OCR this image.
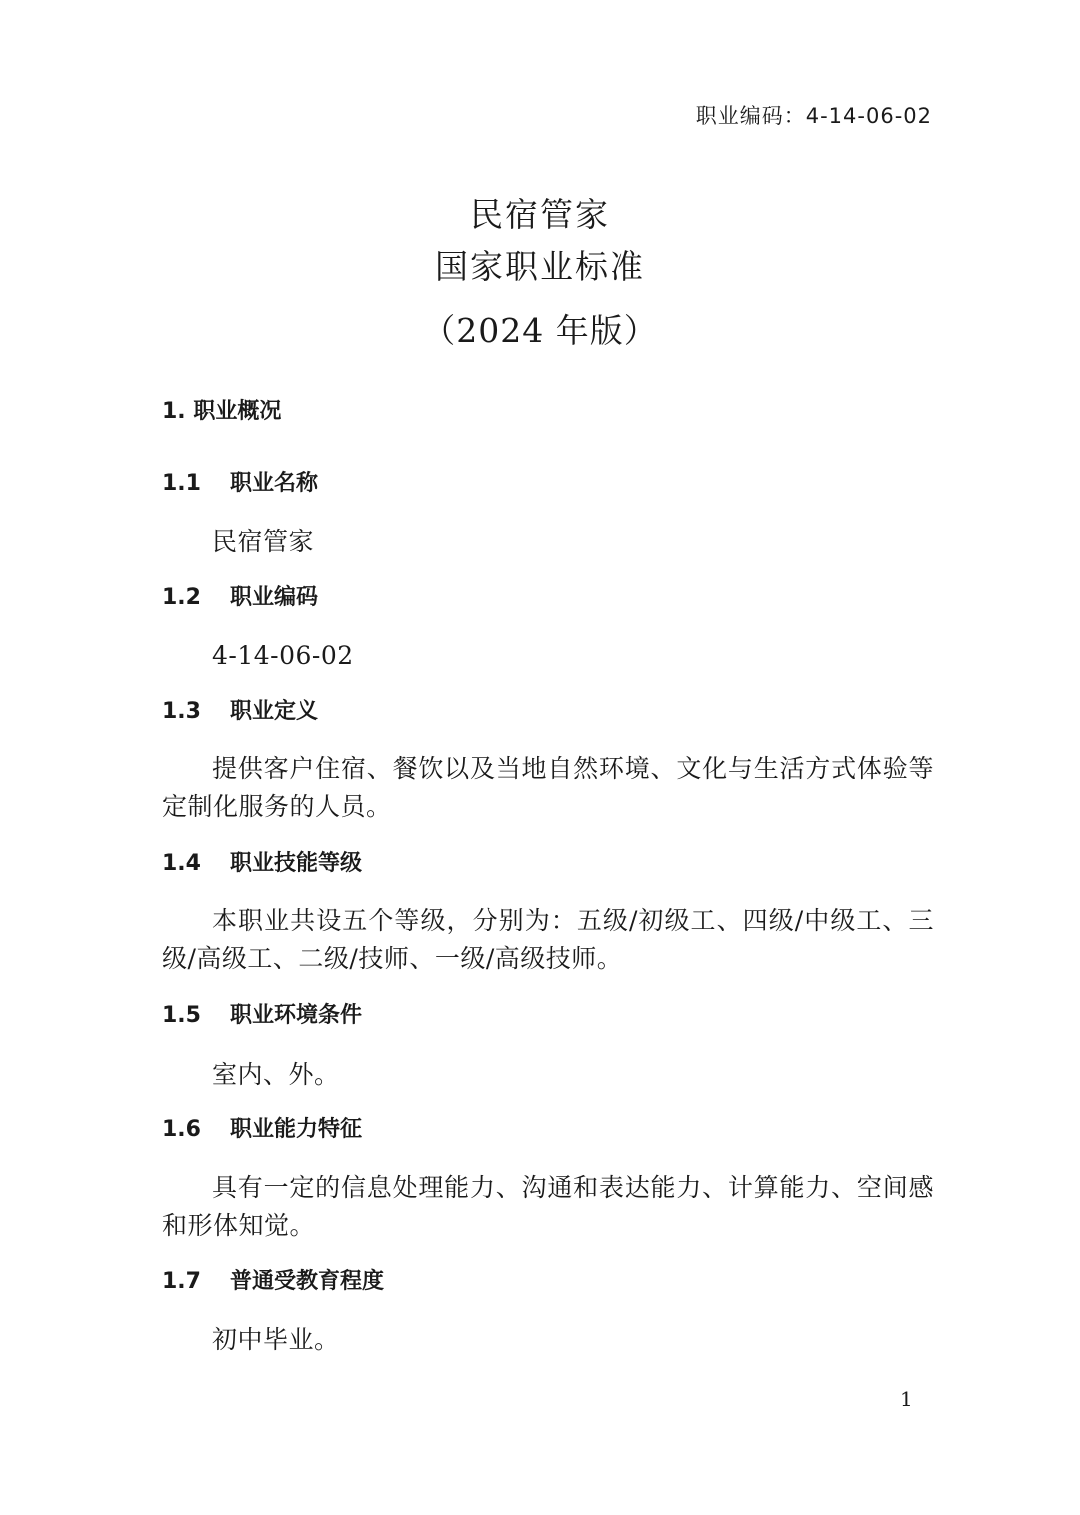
职业编码：4-14-06-02
民宿管家
国家职业标准
（2024 年版）
1. 职业概况
1.1 职业名称
民宿管家
1.2 职业编码
4-14-06-02
1.3 职业定义
提供客户住宿、餐饮以及当地自然环境、文化与生活方式体验等定制化服务的人员。
1.4 职业技能等级
本职业共设五个等级，分别为：五级/初级工、四级/中级工、三级/高级工、二级/技师、一级/高级技师。
1.5 职业环境条件
室内、外。
1.6 职业能力特征
具有一定的信息处理能力、沟通和表达能力、计算能力、空间感和形体知觉。
1.7 普通受教育程度
初中毕业。
1
